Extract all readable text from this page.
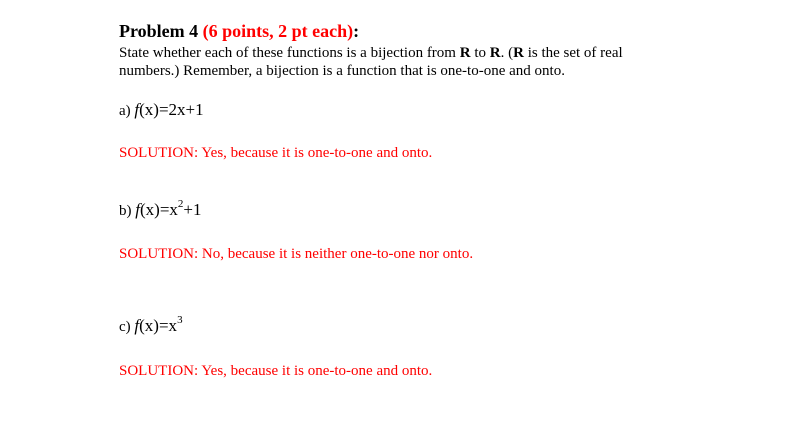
Problem 4 (6 points, 2 pt each):
State whether each of these functions is a bijection from R to R. (R is the set of real
numbers.) Remember, a bijection is a function that is one-to-one and onto.
a) f(x)=2x+1
SOLUTION: Yes, because it is one-to-one and onto.
b) $f(x)=x^2+1$
SOLUTION: No, because it is neither one-to-one nor onto.
c) $f(x)=x^3$
SOLUTION: Yes, because it is one-to-one and onto.
